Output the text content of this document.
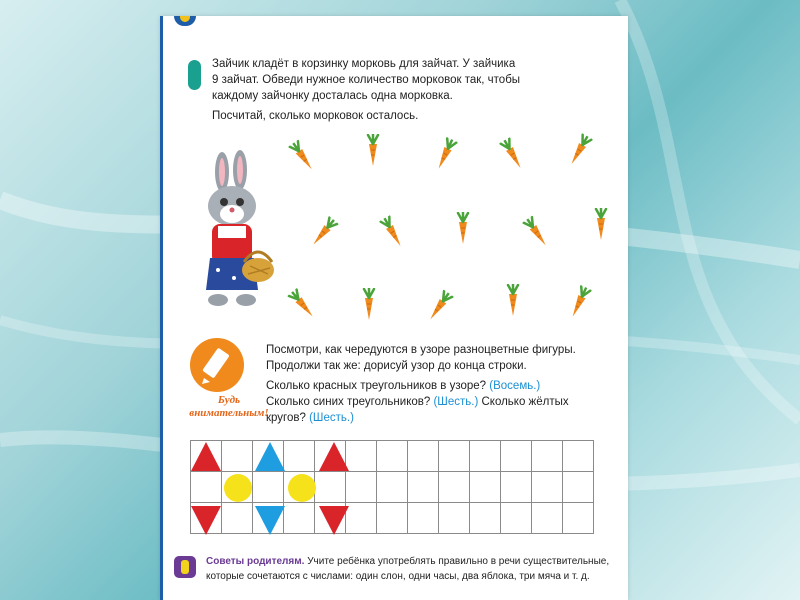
Зайчик кладёт в корзинку морковь для зайчат. У зайчика
9 зайчат. Обведи нужное количество морковок так, чтобы
каждому зайчонку досталась одна морковка.
Посчитай, сколько морковок осталось.
Будь
внимательным!
Посмотри, как чередуются в узоре разноцветные фигуры.
Продолжи так же: дорисуй узор до конца строки.
Сколько красных треугольников в узоре? (Восемь.)
Сколько синих треугольников? (Шесть.) Сколько жёлтых
кругов? (Шесть.)

Советы родителям. Учите ребёнка употреблять правильно в речи существительные,
которые сочетаются с числами: один слон, одни часы, два яблока, три мяча и т. д.
